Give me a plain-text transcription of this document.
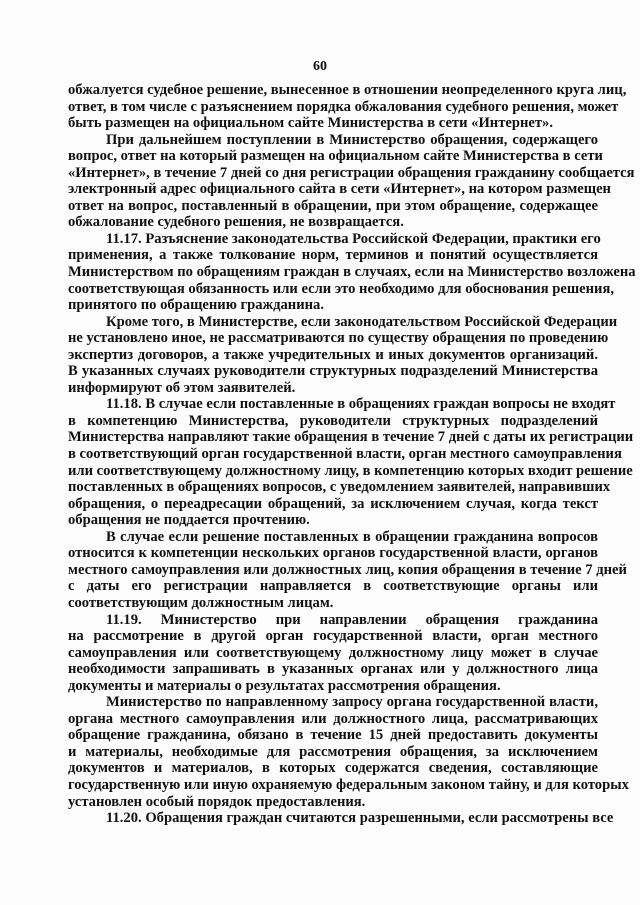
60
обжалуется судебное решение, вынесенное в отношении неопределенного круга лиц,
ответ, в том числе с разъяснением порядка обжалования судебного решения, может
быть размещен на официальном сайте Министерства в сети «Интернет».
При дальнейшем поступлении в Министерство обращения, содержащего
вопрос, ответ на который размещен на официальном сайте Министерства в сети
«Интернет», в течение 7 дней со дня регистрации обращения гражданину сообщается
электронный адрес официального сайта в сети «Интернет», на котором размещен
ответ на вопрос, поставленный в обращении, при этом обращение, содержащее
обжалование судебного решения, не возвращается.
11.17. Разъяснение законодательства Российской Федерации, практики его
применения, а также толкование норм, терминов и понятий осуществляется
Министерством по обращениям граждан в случаях, если на Министерство возложена
соответствующая обязанность или если это необходимо для обоснования решения,
принятого по обращению гражданина.
Кроме того, в Министерстве, если законодательством Российской Федерации
не установлено иное, не рассматриваются по существу обращения по проведению
экспертиз договоров, а также учредительных и иных документов организаций.
В указанных случаях руководители структурных подразделений Министерства
информируют об этом заявителей.
11.18. В случае если поставленные в обращениях граждан вопросы не входят
в компетенцию Министерства, руководители структурных подразделений
Министерства направляют такие обращения в течение 7 дней с даты их регистрации
в соответствующий орган государственной власти, орган местного самоуправления
или соответствующему должностному лицу, в компетенцию которых входит решение
поставленных в обращениях вопросов, с уведомлением заявителей, направивших
обращения, о переадресации обращений, за исключением случая, когда текст
обращения не поддается прочтению.
В случае если решение поставленных в обращении гражданина вопросов
относится к компетенции нескольких органов государственной власти, органов
местного самоуправления или должностных лиц, копия обращения в течение 7 дней
с даты его регистрации направляется в соответствующие органы или
соответствующим должностным лицам.
11.19. Министерство при направлении обращения гражданина
на рассмотрение в другой орган государственной власти, орган местного
самоуправления или соответствующему должностному лицу может в случае
необходимости запрашивать в указанных органах или у должностного лица
документы и материалы о результатах рассмотрения обращения.
Министерство по направленному запросу органа государственной власти,
органа местного самоуправления или должностного лица, рассматривающих
обращение гражданина, обязано в течение 15 дней предоставить документы
и материалы, необходимые для рассмотрения обращения, за исключением
документов и материалов, в которых содержатся сведения, составляющие
государственную или иную охраняемую федеральным законом тайну, и для которых
установлен особый порядок предоставления.
11.20. Обращения граждан считаются разрешенными, если рассмотрены все
